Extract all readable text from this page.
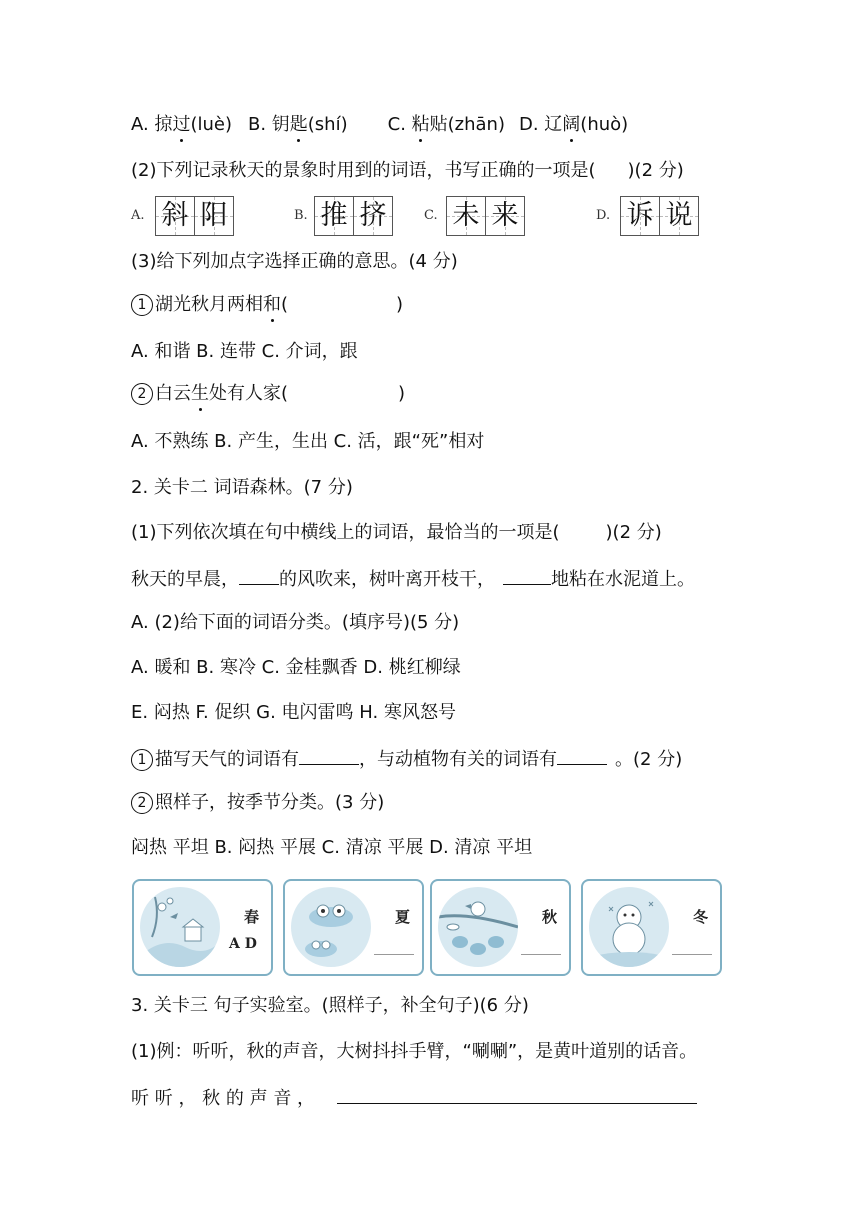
A. 掠过(luè) B. 钥匙(shí) C. 粘贴(zhān) D. 辽阔(huò)
(2)下列记录秋天的景象时用到的词语，书写正确的一项是( )(2 分)
A. 斜 阳	B. 推 挤	C. 未 来	D. 诉 说
(3)给下列加点字选择正确的意思。(4 分)
1 湖光秋月两相和(	)
A. 和谐 B. 连带 C. 介词，跟
2 白云生处有人家(	)
A. 不熟练 B. 产生，生出 C. 活，跟“死”相对
2. 关卡二 词语森林。(7 分)
(1)下列依次填在句中横线上的词语，最恰当的一项是(	)(2 分)
秋天的早晨， 的风吹来，树叶离开枝干，	地粘在水泥道上。
A. (2)给下面的词语分类。(填序号)(5 分)
A. 暖和 B. 寒冷 C. 金桂飘香 D. 桃红柳绿
E. 闷热 F. 促织 G. 电闪雷鸣 H. 寒风怒号
1 描写天气的词语有	，与动植物有关的词语有	。(2 分)
2 照样子，按季节分类。(3 分)
闷热 平坦 B. 闷热 平展 C. 清凉 平展 D. 清凉 平坦
春
A D
夏	秋	冬
3. 关卡三 句子实验室。(照样子，补全句子)(6 分)
(1)例：听听，秋的声音，大树抖抖手臂，“唰唰”，是黄叶道别的话音。
听 听 ， 秋 的 声 音 ，
